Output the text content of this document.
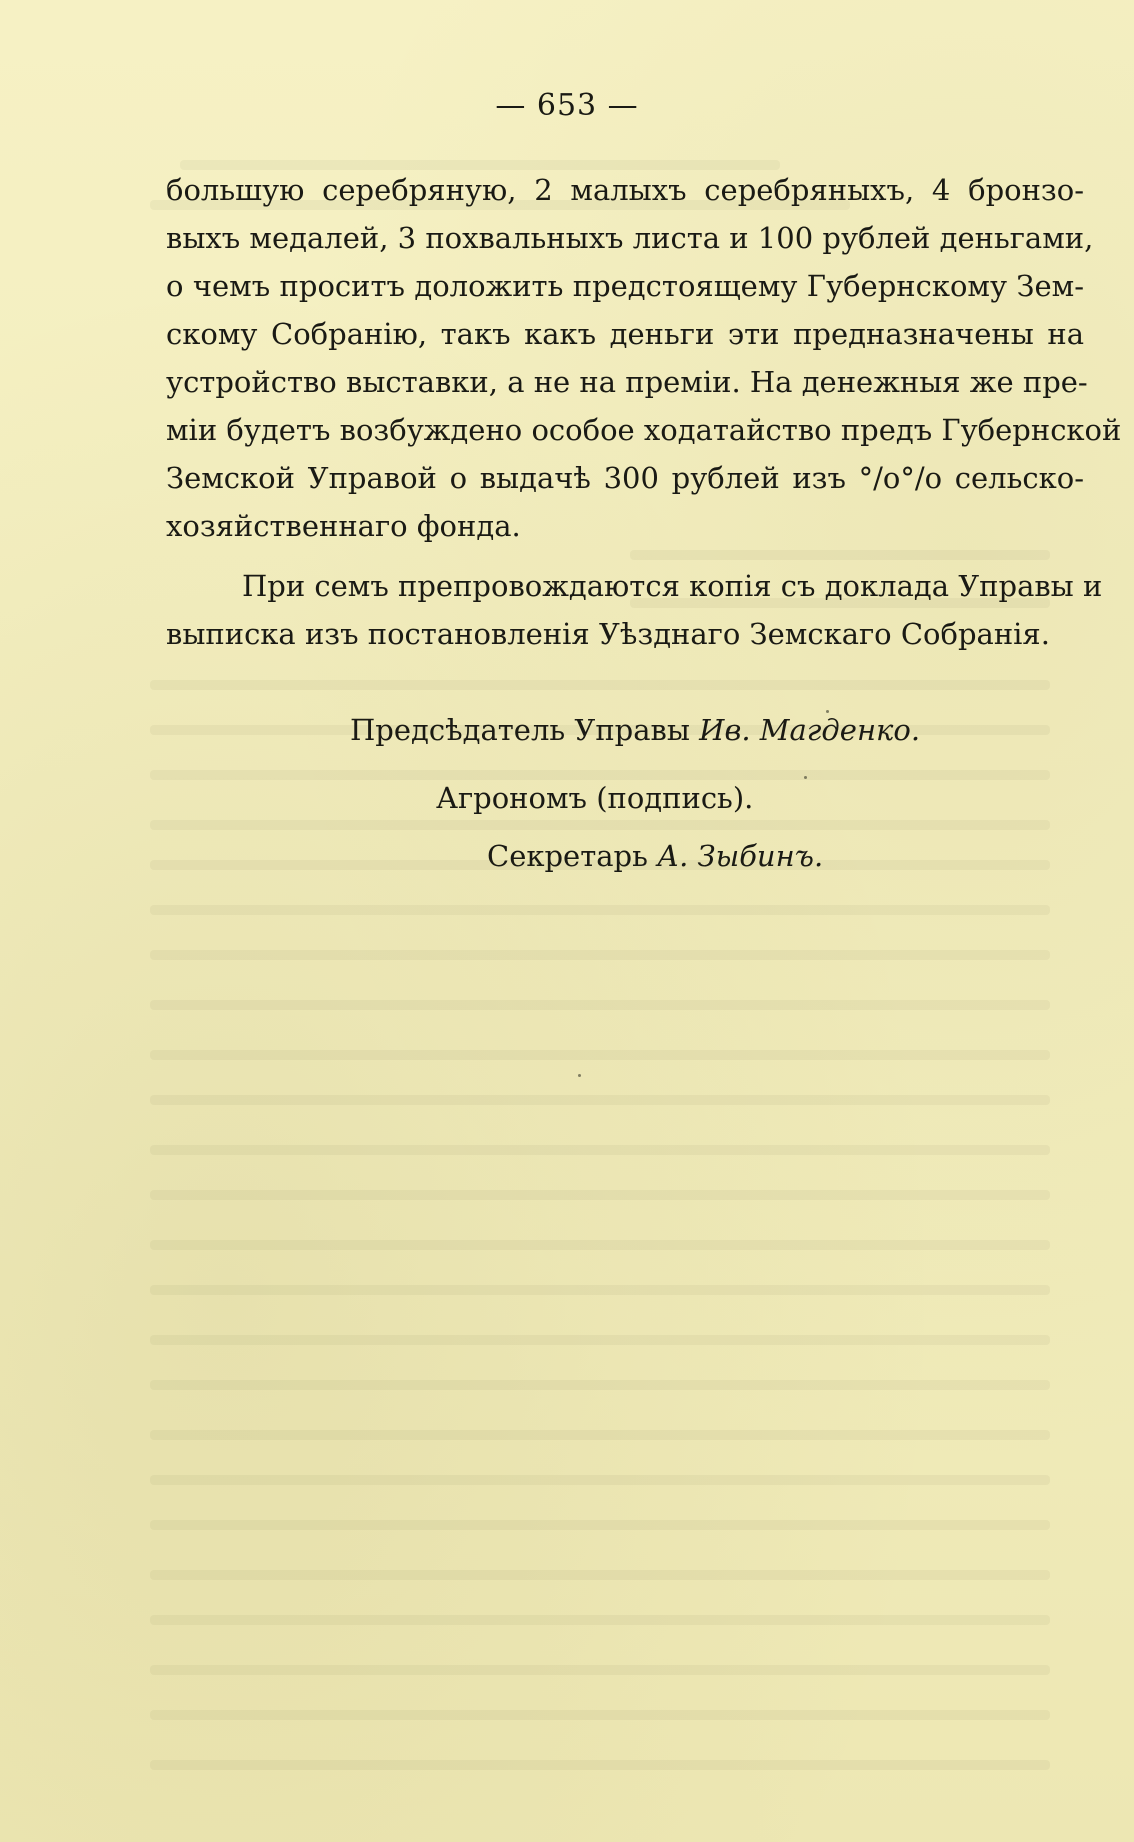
— 653 —

большую серебряную, 2 малыхъ серебряныхъ, 4 бронзо-
выхъ медалей, 3 похвальныхъ листа и 100 рублей деньгами,
о чемъ проситъ доложить предстоящему Губернскому Зем-
скому Собранію, такъ какъ деньги эти предназначены на
устройство выставки, а не на преміи. На денежныя же пре-
міи будетъ возбуждено особое ходатайство предъ Губернской
Земской Управой о выдачѣ 300 рублей изъ °/о°/о сельско-
хозяйственнаго фонда.

При семъ препровождаются копія съ доклада Управы и
выписка изъ постановленія Уѣзднаго Земскаго Собранія.

Предсѣдатель Управы Ив. Магденко.
Агрономъ (подпись).
Секретарь А. Зыбинъ.
